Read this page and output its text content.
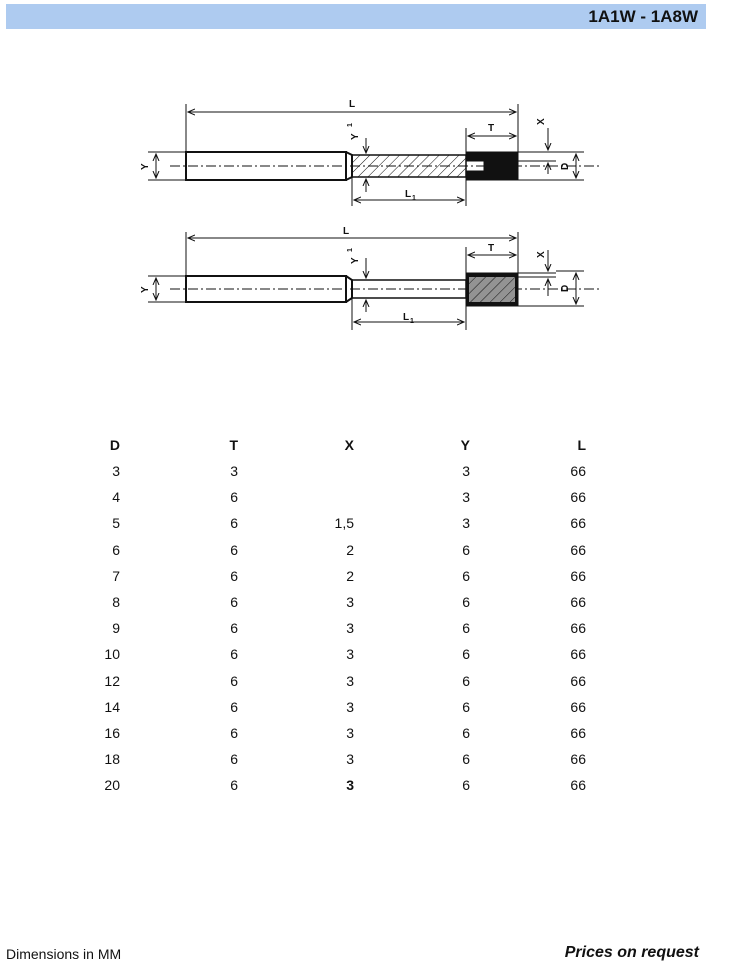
1A1W - 1A8W
L
T
X
D
Y
Y
1
L 1
L
T
X
D
Y
Y
1
L 1
D	T	X	Y	L
3	3		3	66
4	6		3	66
5	6	1,5	3	66
6	6	2	6	66
7	6	2	6	66
8	6	3	6	66
9	6	3	6	66
10	6	3	6	66
12	6	3	6	66
14	6	3	6	66
16	6	3	6	66
18	6	3	6	66
20	6	3	6	66
Dimensions in MM	Prices on request
